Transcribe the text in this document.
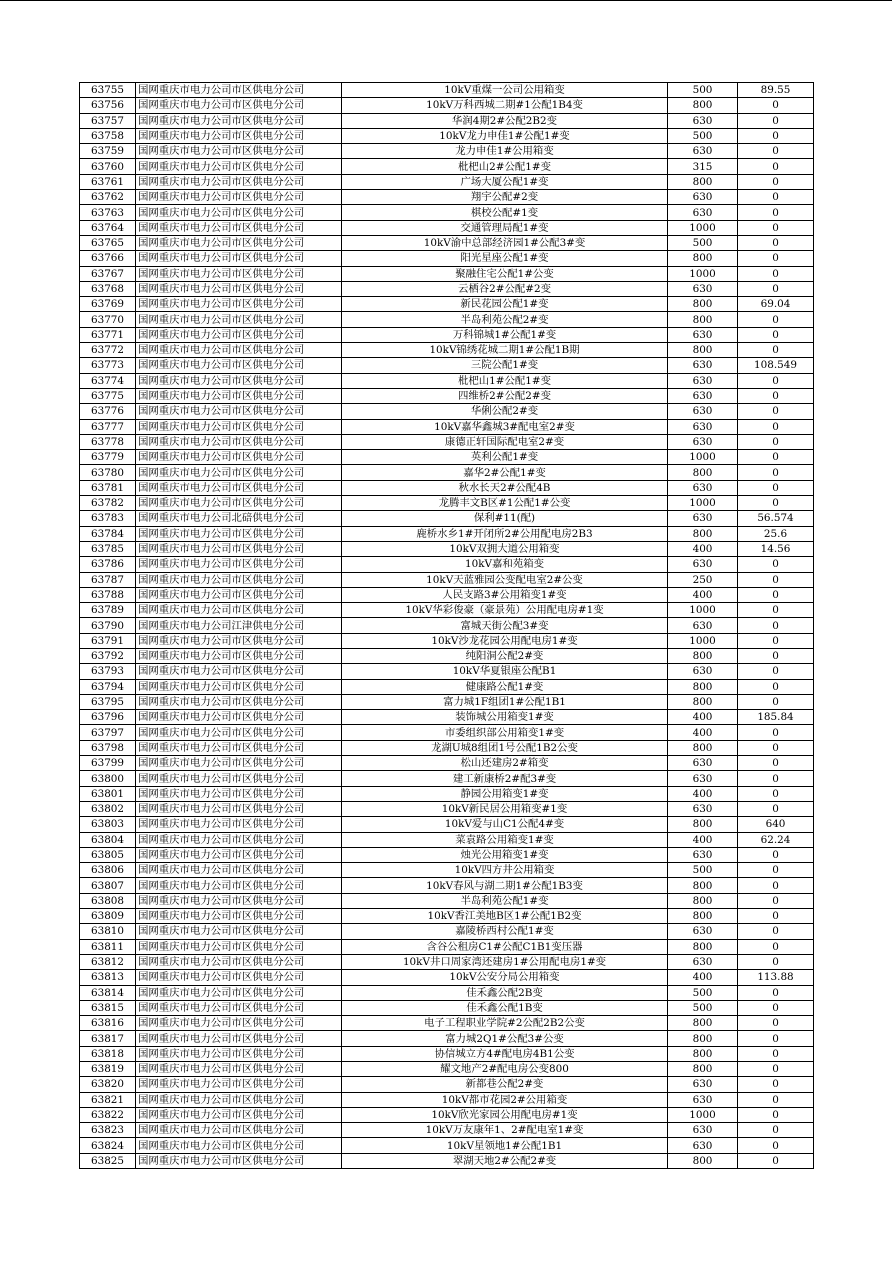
63755	国网重庆市电力公司市区供电分公司	10kV重煤一公司公用箱变	500	89.55
63756	国网重庆市电力公司市区供电分公司	10kV万科西城二期#1公配1B4变	800	0
63757	国网重庆市电力公司市区供电分公司	华润4期2#公配2B2变	630	0
63758	国网重庆市电力公司市区供电分公司	10kV龙力申佳1#公配1#变	500	0
63759	国网重庆市电力公司市区供电分公司	龙力申佳1#公用箱变	630	0
63760	国网重庆市电力公司市区供电分公司	枇杷山2#公配1#变	315	0
63761	国网重庆市电力公司市区供电分公司	广场大厦公配1#变	800	0
63762	国网重庆市电力公司市区供电分公司	翔宇公配#2变	630	0
63763	国网重庆市电力公司市区供电分公司	棋校公配#1变	630	0
63764	国网重庆市电力公司市区供电分公司	交通管理局配1#变	1000	0
63765	国网重庆市电力公司市区供电分公司	10kV渝中总部经济园1#公配3#变	500	0
63766	国网重庆市电力公司市区供电分公司	阳光星座公配1#变	800	0
63767	国网重庆市电力公司市区供电分公司	聚融住宅公配1#公变	1000	0
63768	国网重庆市电力公司市区供电分公司	云栖谷2#公配#2变	630	0
63769	国网重庆市电力公司市区供电分公司	新民花园公配1#变	800	69.04
63770	国网重庆市电力公司市区供电分公司	半岛利苑公配2#变	800	0
63771	国网重庆市电力公司市区供电分公司	万科锦城1#公配1#变	630	0
63772	国网重庆市电力公司市区供电分公司	10kV锦绣花城二期1#公配1B期	800	0
63773	国网重庆市电力公司市区供电分公司	三院公配1#变	630	108.549
63774	国网重庆市电力公司市区供电分公司	枇杷山1#公配1#变	630	0
63775	国网重庆市电力公司市区供电分公司	四维桥2#公配2#变	630	0
63776	国网重庆市电力公司市区供电分公司	华俐公配2#变	630	0
63777	国网重庆市电力公司市区供电分公司	10kV嘉华鑫城3#配电室2#变	630	0
63778	国网重庆市电力公司市区供电分公司	康德正轩国际配电室2#变	630	0
63779	国网重庆市电力公司市区供电分公司	英利公配1#变	1000	0
63780	国网重庆市电力公司市区供电分公司	嘉华2#公配1#变	800	0
63781	国网重庆市电力公司市区供电分公司	秋水长天2#公配4B	630	0
63782	国网重庆市电力公司市区供电分公司	龙腾丰文B区#1公配1#公变	1000	0
63783	国网重庆市电力公司北碚供电分公司	保利#11(配)	630	56.574
63784	国网重庆市电力公司市区供电分公司	鹿桥水乡1#开闭所2#公用配电房2B3	800	25.6
63785	国网重庆市电力公司市区供电分公司	10kV双拥大道公用箱变	400	14.56
63786	国网重庆市电力公司市区供电分公司	10kV嘉和苑箱变	630	0
63787	国网重庆市电力公司市区供电分公司	10kV天蓝雅园公变配电室2#公变	250	0
63788	国网重庆市电力公司市区供电分公司	人民支路3#公用箱变1#变	400	0
63789	国网重庆市电力公司市区供电分公司	10kV华彩俊豪（豪景苑）公用配电房#1变	1000	0
63790	国网重庆市电力公司江津供电分公司	富城天街公配3#变	630	0
63791	国网重庆市电力公司市区供电分公司	10kV沙龙花园公用配电房1#变	1000	0
63792	国网重庆市电力公司市区供电分公司	纯阳洞公配2#变	800	0
63793	国网重庆市电力公司市区供电分公司	10kV华夏银座公配B1	630	0
63794	国网重庆市电力公司市区供电分公司	健康路公配1#变	800	0
63795	国网重庆市电力公司市区供电分公司	富力城1F组团1#公配1B1	800	0
63796	国网重庆市电力公司市区供电分公司	装饰城公用箱变1#变	400	185.84
63797	国网重庆市电力公司市区供电分公司	市委组织部公用箱变1#变	400	0
63798	国网重庆市电力公司市区供电分公司	龙湖U城8组团1号公配1B2公变	800	0
63799	国网重庆市电力公司市区供电分公司	松山还建房2#箱变	630	0
63800	国网重庆市电力公司市区供电分公司	建工新康桥2#配3#变	630	0
63801	国网重庆市电力公司市区供电分公司	静园公用箱变1#变	400	0
63802	国网重庆市电力公司市区供电分公司	10kV新民居公用箱变#1变	630	0
63803	国网重庆市电力公司市区供电分公司	10kV爱与山C1公配4#变	800	640
63804	国网重庆市电力公司市区供电分公司	菜袁路公用箱变1#变	400	62.24
63805	国网重庆市电力公司市区供电分公司	烛光公用箱变1#变	630	0
63806	国网重庆市电力公司市区供电分公司	10kV四方井公用箱变	500	0
63807	国网重庆市电力公司市区供电分公司	10kV春风与湖二期1#公配1B3变	800	0
63808	国网重庆市电力公司市区供电分公司	半岛利苑公配1#变	800	0
63809	国网重庆市电力公司市区供电分公司	10kV香江美地B区1#公配1B2变	800	0
63810	国网重庆市电力公司市区供电分公司	嘉陵桥西村公配1#变	630	0
63811	国网重庆市电力公司市区供电分公司	含谷公租房C1#公配C1B1变压器	800	0
63812	国网重庆市电力公司市区供电分公司	10kV井口周家湾还建房1#公用配电房1#变	630	0
63813	国网重庆市电力公司市区供电分公司	10kV公安分局公用箱变	400	113.88
63814	国网重庆市电力公司市区供电分公司	佳禾鑫公配2B变	500	0
63815	国网重庆市电力公司市区供电分公司	佳禾鑫公配1B变	500	0
63816	国网重庆市电力公司市区供电分公司	电子工程职业学院#2公配2B2公变	800	0
63817	国网重庆市电力公司市区供电分公司	富力城2Q1#公配3#公变	800	0
63818	国网重庆市电力公司市区供电分公司	协信城立方4#配电房4B1公变	800	0
63819	国网重庆市电力公司市区供电分公司	耀文地产2#配电房公变800	800	0
63820	国网重庆市电力公司市区供电分公司	新都巷公配2#变	630	0
63821	国网重庆市电力公司市区供电分公司	10kV都市花园2#公用箱变	630	0
63822	国网重庆市电力公司市区供电分公司	10kV欣光家园公用配电房#1变	1000	0
63823	国网重庆市电力公司市区供电分公司	10kV万友康年1、2#配电室1#变	630	0
63824	国网重庆市电力公司市区供电分公司	10kV星领地1#公配1B1	630	0
63825	国网重庆市电力公司市区供电分公司	翠湖天地2#公配2#变	800	0
